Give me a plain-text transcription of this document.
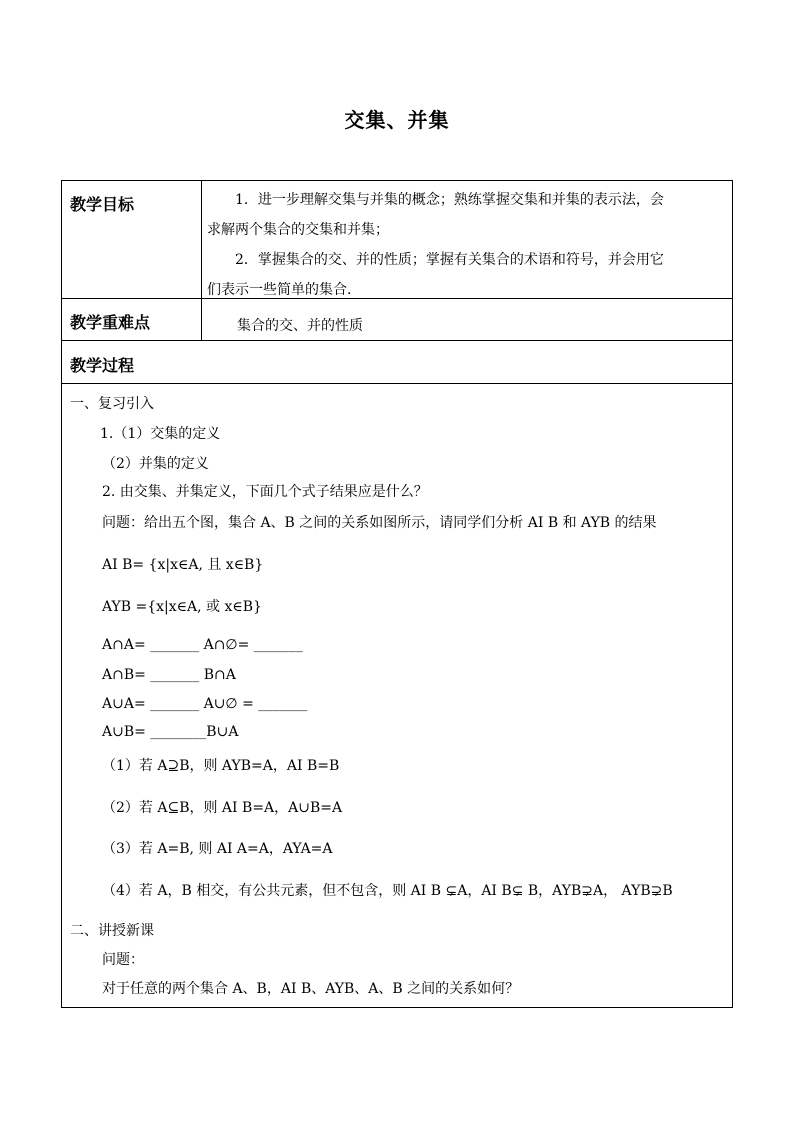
交集、并集
教学目标	1．进一步理解交集与并集的概念；熟练掌握交集和并集的表示法，会
求解两个集合的交集和并集；
2．掌握集合的交、并的性质；掌握有关集合的术语和符号，并会用它
们表示一些简单的集合.
教学重难点	集合的交、并的性质
教学过程
一、复习引入
1.（1）交集的定义
（2）并集的定义
2. 由交集、并集定义，下面几个式子结果应是什么？
问题：给出五个图，集合 A、B 之间的关系如图所示，请同学们分析 AI B 和 AYB 的结果
AI B= {x|x∈A, 且 x∈B}
AYB ={x|x∈A, 或 x∈B}
A∩A= _______ A∩∅= _______
A∩B= _______ B∩A
A∪A= _______ A∪∅ = _______
A∪B= ________B∪A
（1）若 A⊇B，则 AYB=A，AI B=B
（2）若 A⊆B，则 AI B=A，A∪B=A
（3）若 A=B, 则 AI A=A，AYA=A
（4）若 A，B 相交，有公共元素，但不包含，则 AI B ⊊A，AI B⊊ B，AYB⊋A， AYB⊋B
二、讲授新课
问题：
对于任意的两个集合 A、B，AI B、AYB、A、B 之间的关系如何？
